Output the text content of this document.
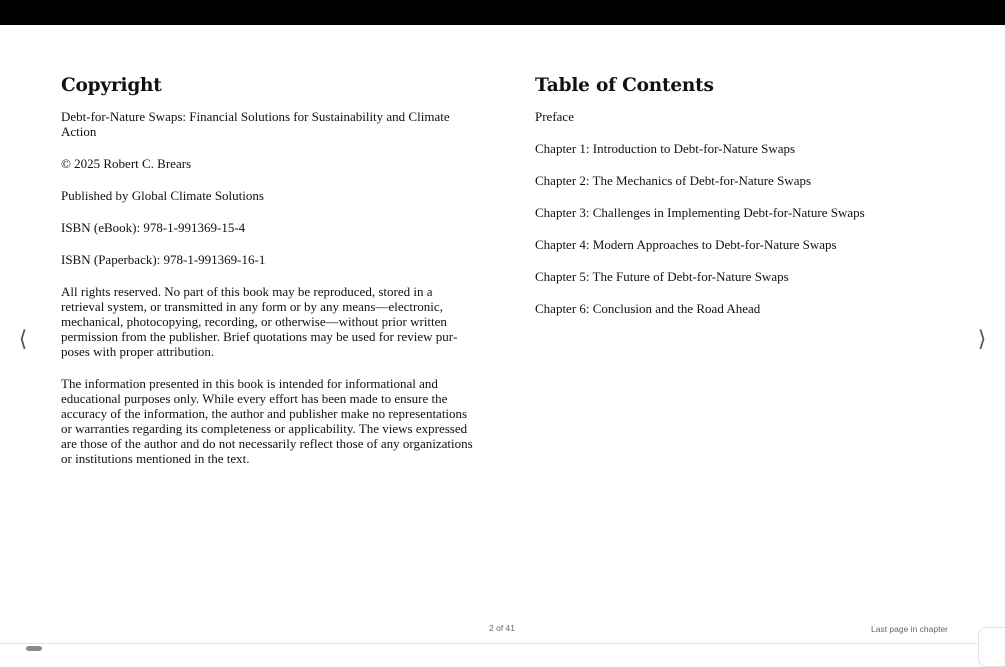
Copyright

Debt-for-Nature Swaps: Financial Solutions for Sustainability and Climate Action

© 2025 Robert C. Brears

Published by Global Climate Solutions

ISBN (eBook): 978-1-991369-15-4

ISBN (Paperback): 978-1-991369-16-1

All rights reserved. No part of this book may be reproduced, stored in a retrieval system, or transmitted in any form or by any means—electronic, mechanical, photocopying, recording, or otherwise—without prior written permission from the publisher. Brief quotations may be used for review purposes with proper attribution.

The information presented in this book is intended for informational and educational purposes only. While every effort has been made to ensure the accuracy of the information, the author and publisher make no representations or warranties regarding its completeness or applicability. The views expressed are those of the author and do not necessarily reflect those of any organizations or institutions mentioned in the text.

Table of Contents
Preface
Chapter 1: Introduction to Debt-for-Nature Swaps
Chapter 2: The Mechanics of Debt-for-Nature Swaps
Chapter 3: Challenges in Implementing Debt-for-Nature Swaps
Chapter 4: Modern Approaches to Debt-for-Nature Swaps
Chapter 5: The Future of Debt-for-Nature Swaps
Chapter 6: Conclusion and the Road Ahead
⟨	⟩
2 of 41	Last page in chapter
